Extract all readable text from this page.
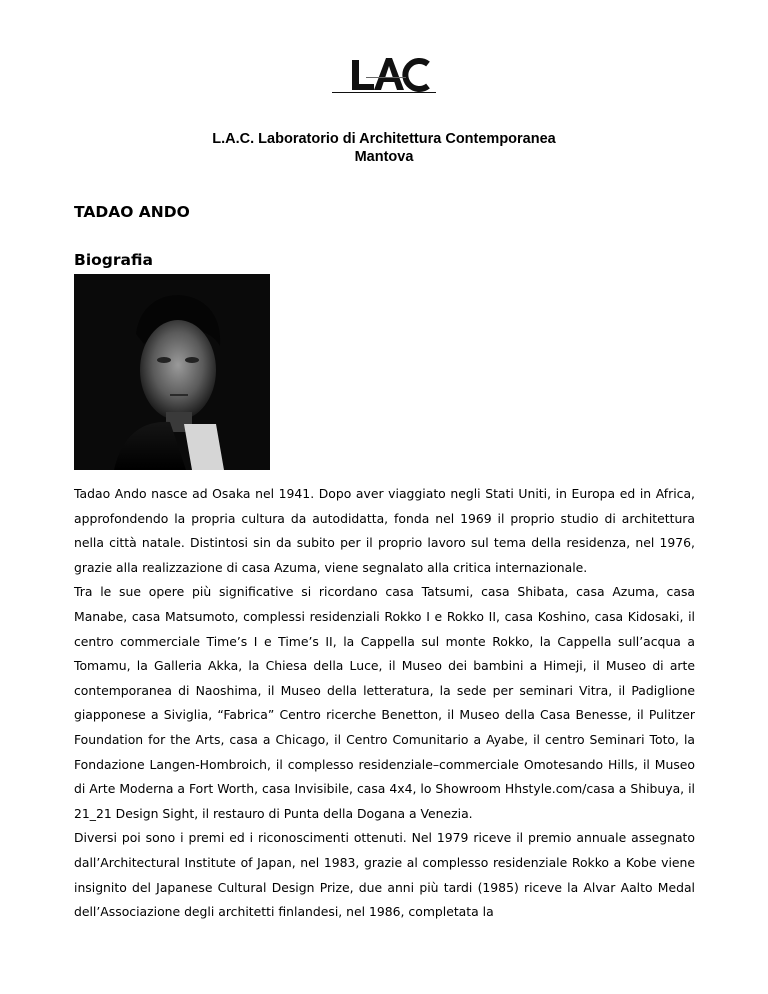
L.A.C. Laboratorio di Architettura Contemporanea
Mantova
TADAO ANDO
Biografia

Tadao Ando nasce ad Osaka nel 1941. Dopo aver viaggiato negli Stati Uniti, in Europa ed in Africa, approfondendo la propria cultura da autodidatta, fonda nel 1969 il proprio studio di architettura nella città natale. Distintosi sin da subito per il proprio lavoro sul tema della residenza, nel 1976, grazie alla realizzazione di casa Azuma, viene segnalato alla critica internazionale.

Tra le sue opere più significative si ricordano casa Tatsumi, casa Shibata, casa Azuma, casa Manabe, casa Matsumoto, complessi residenziali Rokko I e Rokko II, casa Koshino, casa Kidosaki, il centro commerciale Time’s I e Time’s II, la Cappella sul monte Rokko, la Cappella sull’acqua a Tomamu, la Galleria Akka, la Chiesa della Luce, il Museo dei bambini a Himeji, il Museo di arte contemporanea di Naoshima, il Museo della letteratura, la sede per seminari Vitra, il Padiglione giapponese a Siviglia, “Fabrica” Centro ricerche Benetton, il Museo della Casa Benesse, il Pulitzer Foundation for the Arts, casa a Chicago, il Centro Comunitario a Ayabe, il centro Seminari Toto, la Fondazione Langen-Hombroich, il complesso residenziale–commerciale Omotesando Hills, il Museo di Arte Moderna a Fort Worth, casa Invisibile, casa 4x4, lo Showroom Hhstyle.com/casa a Shibuya, il 21_21 Design Sight, il restauro di Punta della Dogana a Venezia.

Diversi poi sono i premi ed i riconoscimenti ottenuti. Nel 1979 riceve il premio annuale assegnato dall’Architectural Institute of Japan, nel 1983, grazie al complesso residenziale Rokko a Kobe viene insignito del Japanese Cultural Design Prize, due anni più tardi (1985) riceve la Alvar Aalto Medal dell’Associazione degli architetti finlandesi, nel 1986, completata la
